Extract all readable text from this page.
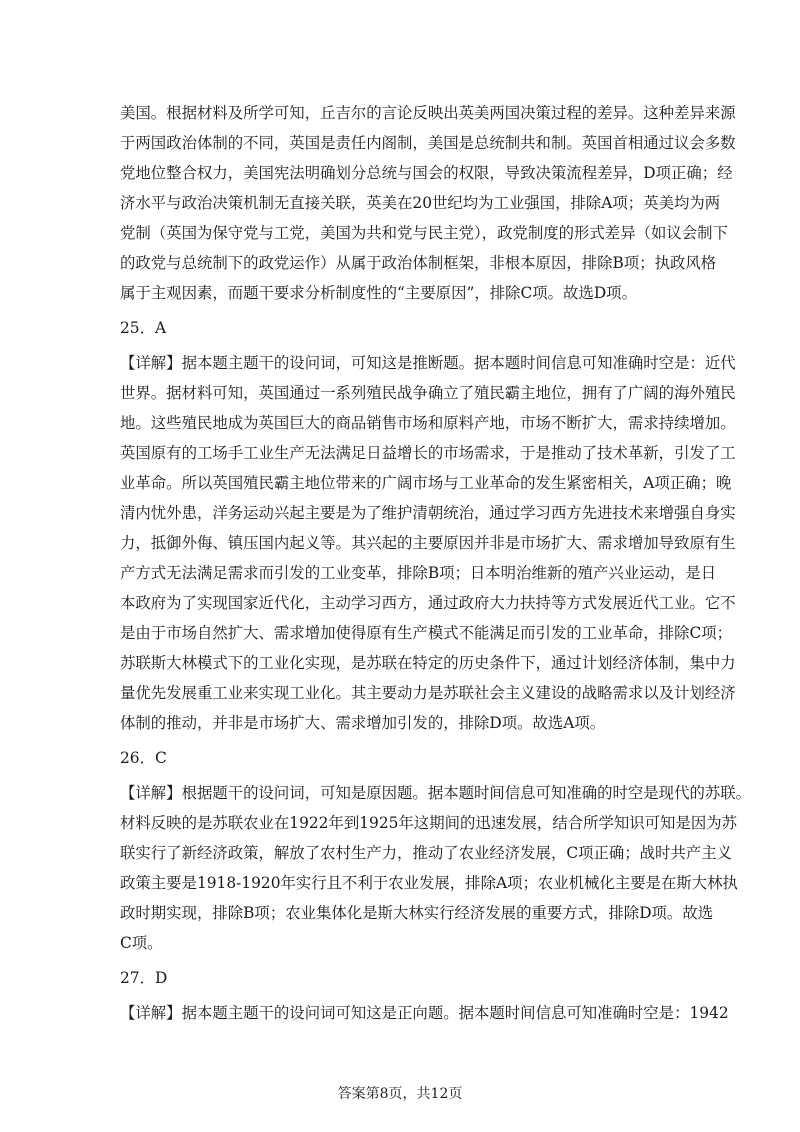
美国。根据材料及所学可知，丘吉尔的言论反映出英美两国决策过程的差异。这种差异来源
于两国政治体制的不同，英国是责任内阁制，美国是总统制共和制。英国首相通过议会多数
党地位整合权力，美国宪法明确划分总统与国会的权限，导致决策流程差异，D项正确；经
济水平与政治决策机制无直接关联，英美在20世纪均为工业强国，排除A项；英美均为两
党制（英国为保守党与工党，美国为共和党与民主党），政党制度的形式差异（如议会制下
的政党与总统制下的政党运作）从属于政治体制框架，非根本原因，排除B项；执政风格
属于主观因素，而题干要求分析制度性的“主要原因”，排除C项。故选D项。
25．A
【详解】据本题主题干的设问词，可知这是推断题。据本题时间信息可知准确时空是：近代
世界。据材料可知，英国通过一系列殖民战争确立了殖民霸主地位，拥有了广阔的海外殖民
地。这些殖民地成为英国巨大的商品销售市场和原料产地，市场不断扩大，需求持续增加。
英国原有的工场手工业生产无法满足日益增长的市场需求，于是推动了技术革新，引发了工
业革命。所以英国殖民霸主地位带来的广阔市场与工业革命的发生紧密相关，A项正确；晚
清内忧外患，洋务运动兴起主要是为了维护清朝统治，通过学习西方先进技术来增强自身实
力，抵御外侮、镇压国内起义等。其兴起的主要原因并非是市场扩大、需求增加导致原有生
产方式无法满足需求而引发的工业变革，排除B项；日本明治维新的殖产兴业运动，是日
本政府为了实现国家近代化，主动学习西方，通过政府大力扶持等方式发展近代工业。它不
是由于市场自然扩大、需求增加使得原有生产模式不能满足而引发的工业革命，排除C项；
苏联斯大林模式下的工业化实现，是苏联在特定的历史条件下，通过计划经济体制，集中力
量优先发展重工业来实现工业化。其主要动力是苏联社会主义建设的战略需求以及计划经济
体制的推动，并非是市场扩大、需求增加引发的，排除D项。故选A项。
26．C
【详解】根据题干的设问词，可知是原因题。据本题时间信息可知准确的时空是现代的苏联。
材料反映的是苏联农业在1922年到1925年这期间的迅速发展，结合所学知识可知是因为苏
联实行了新经济政策，解放了农村生产力，推动了农业经济发展，C项正确；战时共产主义
政策主要是1918-1920年实行且不利于农业发展，排除A项；农业机械化主要是在斯大林执
政时期实现，排除B项；农业集体化是斯大林实行经济发展的重要方式，排除D项。故选
C项。
27．D
【详解】据本题主题干的设问词可知这是正向题。据本题时间信息可知准确时空是：1942
答案第8页，共12页
